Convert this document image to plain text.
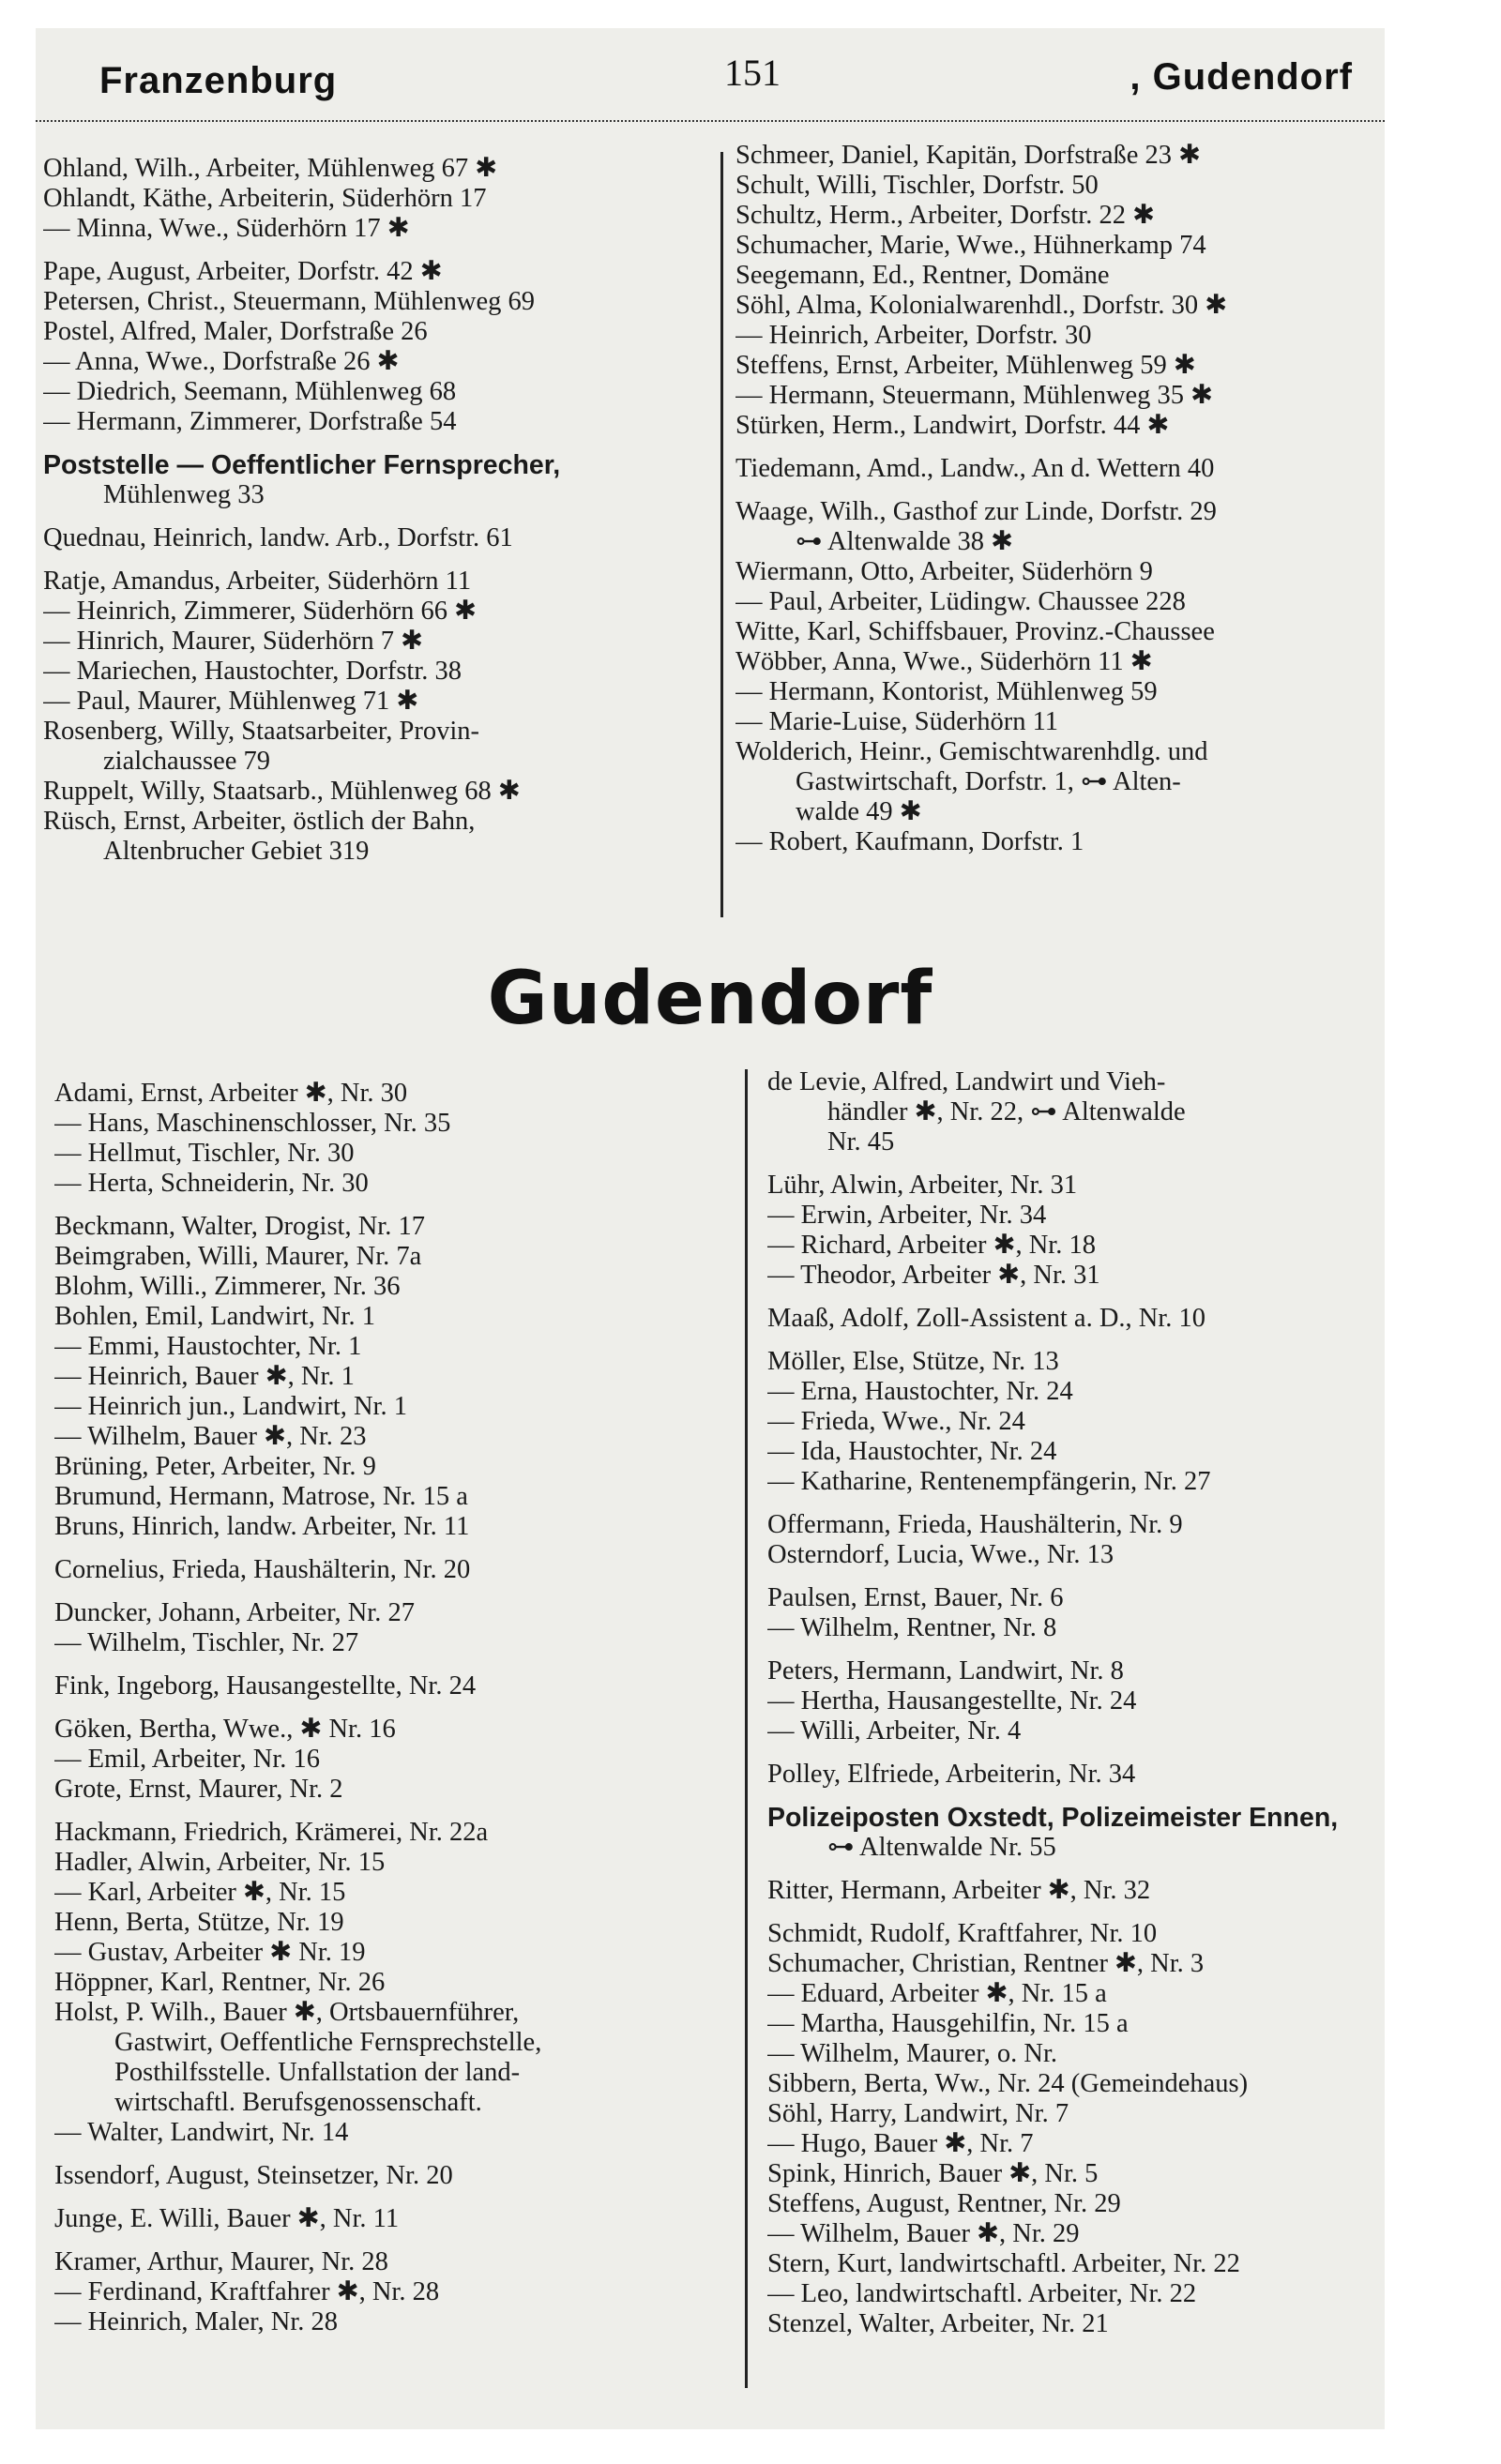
Franzenburg	151	, Gudendorf
Ohland, Wilh., Arbeiter, Mühlenweg 67 ✱
Ohlandt, Käthe, Arbeiterin, Süderhörn 17
— Minna, Wwe., Süderhörn 17 ✱
Pape, August, Arbeiter, Dorfstr. 42 ✱
Petersen, Christ., Steuermann, Mühlenweg 69
Postel, Alfred, Maler, Dorfstraße 26
— Anna, Wwe., Dorfstraße 26 ✱
— Diedrich, Seemann, Mühlenweg 68
— Hermann, Zimmerer, Dorfstraße 54
Poststelle — Oeffentlicher Fernsprecher,
Mühlenweg 33
Quednau, Heinrich, landw. Arb., Dorfstr. 61
Ratje, Amandus, Arbeiter, Süderhörn 11
— Heinrich, Zimmerer, Süderhörn 66 ✱
— Hinrich, Maurer, Süderhörn 7 ✱
— Mariechen, Haustochter, Dorfstr. 38
— Paul, Maurer, Mühlenweg 71 ✱
Rosenberg, Willy, Staatsarbeiter, Provin-
zialchaussee 79
Ruppelt, Willy, Staatsarb., Mühlenweg 68 ✱
Rüsch, Ernst, Arbeiter, östlich der Bahn,
Altenbrucher Gebiet 319
Schmeer, Daniel, Kapitän, Dorfstraße 23 ✱
Schult, Willi, Tischler, Dorfstr. 50
Schultz, Herm., Arbeiter, Dorfstr. 22 ✱
Schumacher, Marie, Wwe., Hühnerkamp 74
Seegemann, Ed., Rentner, Domäne
Söhl, Alma, Kolonialwarenhdl., Dorfstr. 30 ✱
— Heinrich, Arbeiter, Dorfstr. 30
Steffens, Ernst, Arbeiter, Mühlenweg 59 ✱
— Hermann, Steuermann, Mühlenweg 35 ✱
Stürken, Herm., Landwirt, Dorfstr. 44 ✱
Tiedemann, Amd., Landw., An d. Wettern 40
Waage, Wilh., Gasthof zur Linde, Dorfstr. 29
⊶ Altenwalde 38 ✱
Wiermann, Otto, Arbeiter, Süderhörn 9
— Paul, Arbeiter, Lüdingw. Chaussee 228
Witte, Karl, Schiffsbauer, Provinz.-Chaussee
Wöbber, Anna, Wwe., Süderhörn 11 ✱
— Hermann, Kontorist, Mühlenweg 59
— Marie-Luise, Süderhörn 11
Wolderich, Heinr., Gemischtwarenhdlg. und
Gastwirtschaft, Dorfstr. 1, ⊶ Alten-
walde 49 ✱
— Robert, Kaufmann, Dorfstr. 1
Gudendorf
Adami, Ernst, Arbeiter ✱, Nr. 30
— Hans, Maschinenschlosser, Nr. 35
— Hellmut, Tischler, Nr. 30
— Herta, Schneiderin, Nr. 30
Beckmann, Walter, Drogist, Nr. 17
Beimgraben, Willi, Maurer, Nr. 7a
Blohm, Willi., Zimmerer, Nr. 36
Bohlen, Emil, Landwirt, Nr. 1
— Emmi, Haustochter, Nr. 1
— Heinrich, Bauer ✱, Nr. 1
— Heinrich jun., Landwirt, Nr. 1
— Wilhelm, Bauer ✱, Nr. 23
Brüning, Peter, Arbeiter, Nr. 9
Brumund, Hermann, Matrose, Nr. 15 a
Bruns, Hinrich, landw. Arbeiter, Nr. 11
Cornelius, Frieda, Haushälterin, Nr. 20
Duncker, Johann, Arbeiter, Nr. 27
— Wilhelm, Tischler, Nr. 27
Fink, Ingeborg, Hausangestellte, Nr. 24
Göken, Bertha, Wwe., ✱ Nr. 16
— Emil, Arbeiter, Nr. 16
Grote, Ernst, Maurer, Nr. 2
Hackmann, Friedrich, Krämerei, Nr. 22a
Hadler, Alwin, Arbeiter, Nr. 15
— Karl, Arbeiter ✱, Nr. 15
Henn, Berta, Stütze, Nr. 19
— Gustav, Arbeiter ✱ Nr. 19
Höppner, Karl, Rentner, Nr. 26
Holst, P. Wilh., Bauer ✱, Ortsbauernführer,
Gastwirt, Oeffentliche Fernsprechstelle,
Posthilfsstelle. Unfallstation der land-
wirtschaftl. Berufsgenossenschaft.
— Walter, Landwirt, Nr. 14
Issendorf, August, Steinsetzer, Nr. 20
Junge, E. Willi, Bauer ✱, Nr. 11
Kramer, Arthur, Maurer, Nr. 28
— Ferdinand, Kraftfahrer ✱, Nr. 28
— Heinrich, Maler, Nr. 28
de Levie, Alfred, Landwirt und Vieh-
händler ✱, Nr. 22, ⊶ Altenwalde
Nr. 45
Lühr, Alwin, Arbeiter, Nr. 31
— Erwin, Arbeiter, Nr. 34
— Richard, Arbeiter ✱, Nr. 18
— Theodor, Arbeiter ✱, Nr. 31
Maaß, Adolf, Zoll-Assistent a. D., Nr. 10
Möller, Else, Stütze, Nr. 13
— Erna, Haustochter, Nr. 24
— Frieda, Wwe., Nr. 24
— Ida, Haustochter, Nr. 24
— Katharine, Rentenempfängerin, Nr. 27
Offermann, Frieda, Haushälterin, Nr. 9
Osterndorf, Lucia, Wwe., Nr. 13
Paulsen, Ernst, Bauer, Nr. 6
— Wilhelm, Rentner, Nr. 8
Peters, Hermann, Landwirt, Nr. 8
— Hertha, Hausangestellte, Nr. 24
— Willi, Arbeiter, Nr. 4
Polley, Elfriede, Arbeiterin, Nr. 34
Polizeiposten Oxstedt, Polizeimeister Ennen,
⊶ Altenwalde Nr. 55
Ritter, Hermann, Arbeiter ✱, Nr. 32
Schmidt, Rudolf, Kraftfahrer, Nr. 10
Schumacher, Christian, Rentner ✱, Nr. 3
— Eduard, Arbeiter ✱, Nr. 15 a
— Martha, Hausgehilfin, Nr. 15 a
— Wilhelm, Maurer, o. Nr.
Sibbern, Berta, Ww., Nr. 24 (Gemeindehaus)
Söhl, Harry, Landwirt, Nr. 7
— Hugo, Bauer ✱, Nr. 7
Spink, Hinrich, Bauer ✱, Nr. 5
Steffens, August, Rentner, Nr. 29
— Wilhelm, Bauer ✱, Nr. 29
Stern, Kurt, landwirtschaftl. Arbeiter, Nr. 22
— Leo, landwirtschaftl. Arbeiter, Nr. 22
Stenzel, Walter, Arbeiter, Nr. 21
